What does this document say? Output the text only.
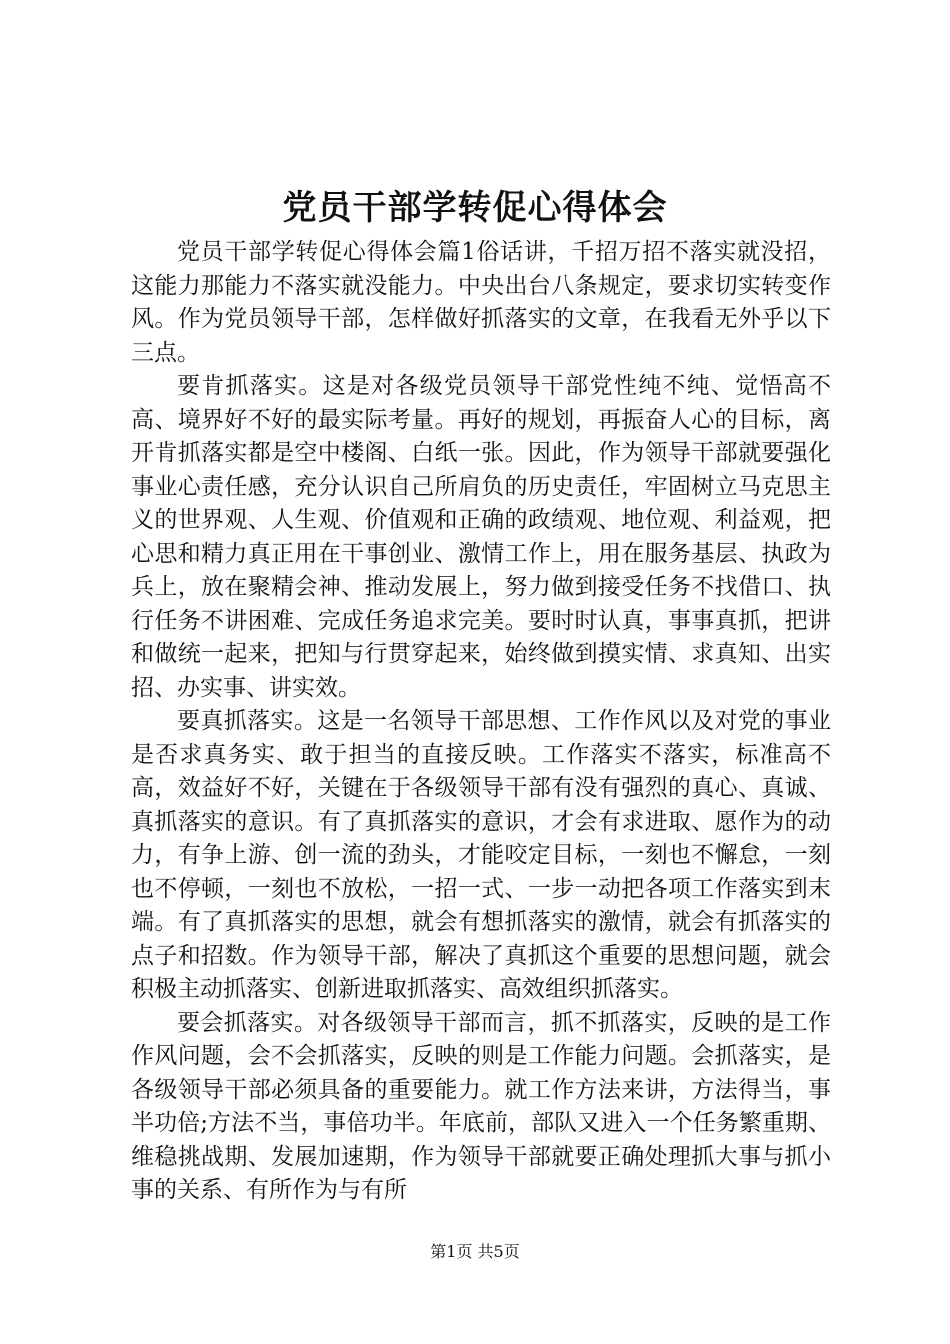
党员干部学转促心得体会

党员干部学转促心得体会篇1俗话讲，千招万招不落实就没招，这能力那能力不落实就没能力。中央出台八条规定，要求切实转变作风。作为党员领导干部，怎样做好抓落实的文章，在我看无外乎以下三点。

要肯抓落实。这是对各级党员领导干部党性纯不纯、觉悟高不高、境界好不好的最实际考量。再好的规划，再振奋人心的目标，离开肯抓落实都是空中楼阁、白纸一张。因此，作为领导干部就要强化事业心责任感，充分认识自己所肩负的历史责任，牢固树立马克思主义的世界观、人生观、价值观和正确的政绩观、地位观、利益观，把心思和精力真正用在干事创业、激情工作上，用在服务基层、执政为兵上，放在聚精会神、推动发展上，努力做到接受任务不找借口、执行任务不讲困难、完成任务追求完美。要时时认真，事事真抓，把讲和做统一起来，把知与行贯穿起来，始终做到摸实情、求真知、出实招、办实事、讲实效。

要真抓落实。这是一名领导干部思想、工作作风以及对党的事业是否求真务实、敢于担当的直接反映。工作落实不落实，标准高不高，效益好不好，关键在于各级领导干部有没有强烈的真心、真诚、真抓落实的意识。有了真抓落实的意识，才会有求进取、愿作为的动力，有争上游、创一流的劲头，才能咬定目标，一刻也不懈怠，一刻也不停顿，一刻也不放松，一招一式、一步一动把各项工作落实到末端。有了真抓落实的思想，就会有想抓落实的激情，就会有抓落实的点子和招数。作为领导干部，解决了真抓这个重要的思想问题，就会积极主动抓落实、创新进取抓落实、高效组织抓落实。

要会抓落实。对各级领导干部而言，抓不抓落实，反映的是工作作风问题，会不会抓落实，反映的则是工作能力问题。会抓落实，是各级领导干部必须具备的重要能力。就工作方法来讲，方法得当，事半功倍;方法不当，事倍功半。年底前，部队又进入一个任务繁重期、维稳挑战期、发展加速期，作为领导干部就要正确处理抓大事与抓小事的关系、有所作为与有所

第1页 共5页
